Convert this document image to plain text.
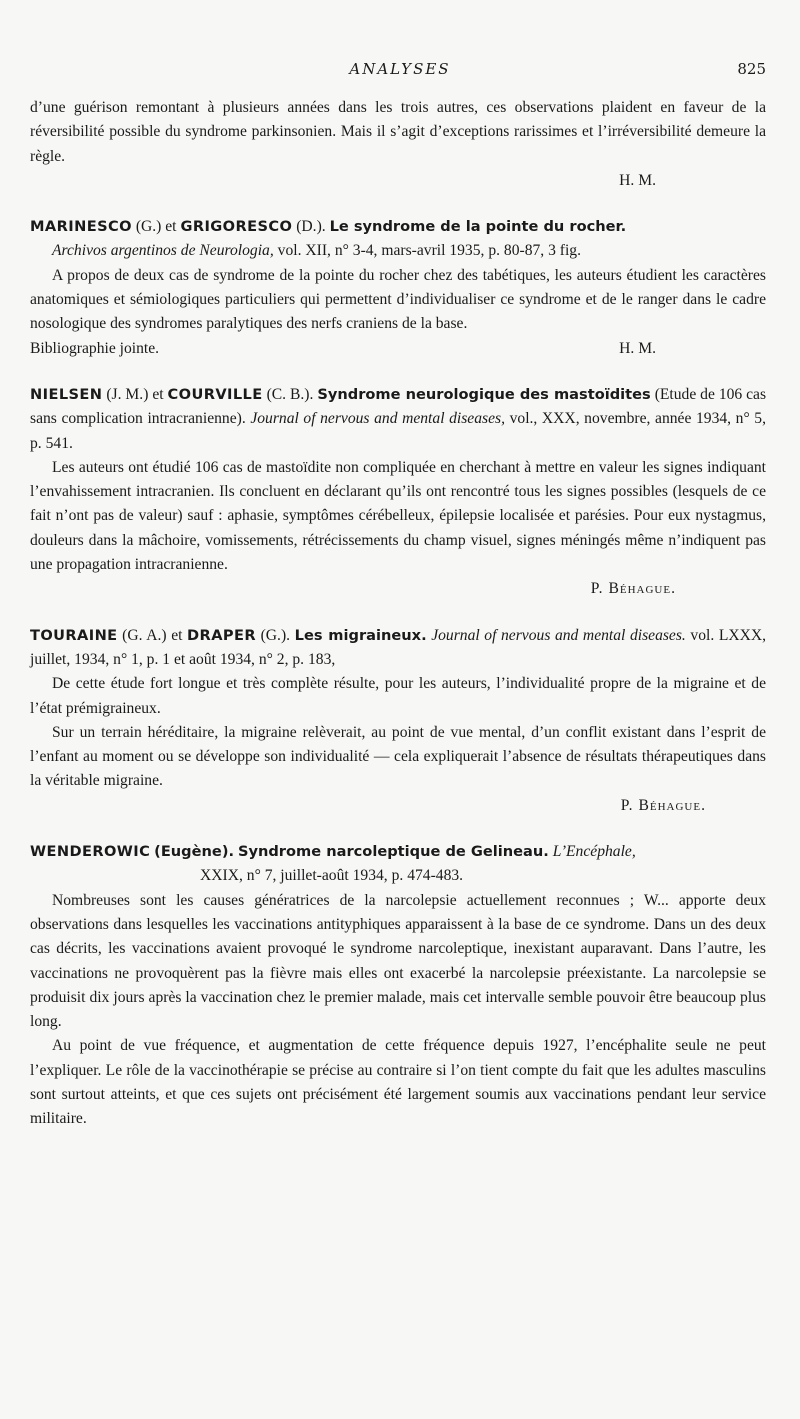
ANALYSES	825

d’une guérison remontant à plusieurs années dans les trois autres, ces observations plaident en faveur de la réversibilité possible du syndrome parkinsonien. Mais il s’agit d’exceptions rarissimes et l’irréversibilité demeure la règle.

H. M.

MARINESCO (G.) et GRIGORESCO (D.). Le syndrome de la pointe du rocher.
Archivos argentinos de Neurologia, vol. XII, n° 3-4, mars-avril 1935, p. 80-87, 3 fig.

A propos de deux cas de syndrome de la pointe du rocher chez des tabétiques, les auteurs étudient les caractères anatomiques et sémiologiques particuliers qui permettent d’individualiser ce syndrome et de le ranger dans le cadre nosologique des syndromes paralytiques des nerfs craniens de la base.

Bibliographie jointe.	H. M.

NIELSEN (J. M.) et COURVILLE (C. B.). Syndrome neurologique des mastoïdites (Etude de 106 cas sans complication intracranienne). Journal of nervous and mental diseases, vol., XXX, novembre, année 1934, n° 5, p. 541.

Les auteurs ont étudié 106 cas de mastoïdite non compliquée en cherchant à mettre en valeur les signes indiquant l’envahissement intracranien. Ils concluent en déclarant qu’ils ont rencontré tous les signes possibles (lesquels de ce fait n’ont pas de valeur) sauf : aphasie, symptômes cérébelleux, épilepsie localisée et parésies. Pour eux nystagmus, douleurs dans la mâchoire, vomissements, rétrécissements du champ visuel, signes méningés même n’indiquent pas une propagation intracranienne.

P. Béhague.

TOURAINE (G. A.) et DRAPER (G.). Les migraineux. Journal of nervous and mental diseases. vol. LXXX, juillet, 1934, n° 1, p. 1 et août 1934, n° 2, p. 183,

De cette étude fort longue et très complète résulte, pour les auteurs, l’individualité propre de la migraine et de l’état prémigraineux.

Sur un terrain héréditaire, la migraine relèverait, au point de vue mental, d’un conflit existant dans l’esprit de l’enfant au moment ou se développe son individualité — cela expliquerait l’absence de résultats thérapeutiques dans la véritable migraine.

P. Béhague.

WENDEROWIC (Eugène). Syndrome narcoleptique de Gelineau. L’Encéphale,
XXIX, n° 7, juillet-août 1934, p. 474-483.

Nombreuses sont les causes génératrices de la narcolepsie actuellement reconnues ; W... apporte deux observations dans lesquelles les vaccinations antityphiques apparaissent à la base de ce syndrome. Dans un des deux cas décrits, les vaccinations avaient provoqué le syndrome narcoleptique, inexistant auparavant. Dans l’autre, les vaccinations ne provoquèrent pas la fièvre mais elles ont exacerbé la narcolepsie préexistante. La narcolepsie se produisit dix jours après la vaccination chez le premier malade, mais cet intervalle semble pouvoir être beaucoup plus long.

Au point de vue fréquence, et augmentation de cette fréquence depuis 1927, l’encéphalite seule ne peut l’expliquer. Le rôle de la vaccinothérapie se précise au contraire si l’on tient compte du fait que les adultes masculins sont surtout atteints, et que ces sujets ont précisément été largement soumis aux vaccinations pendant leur service militaire.
